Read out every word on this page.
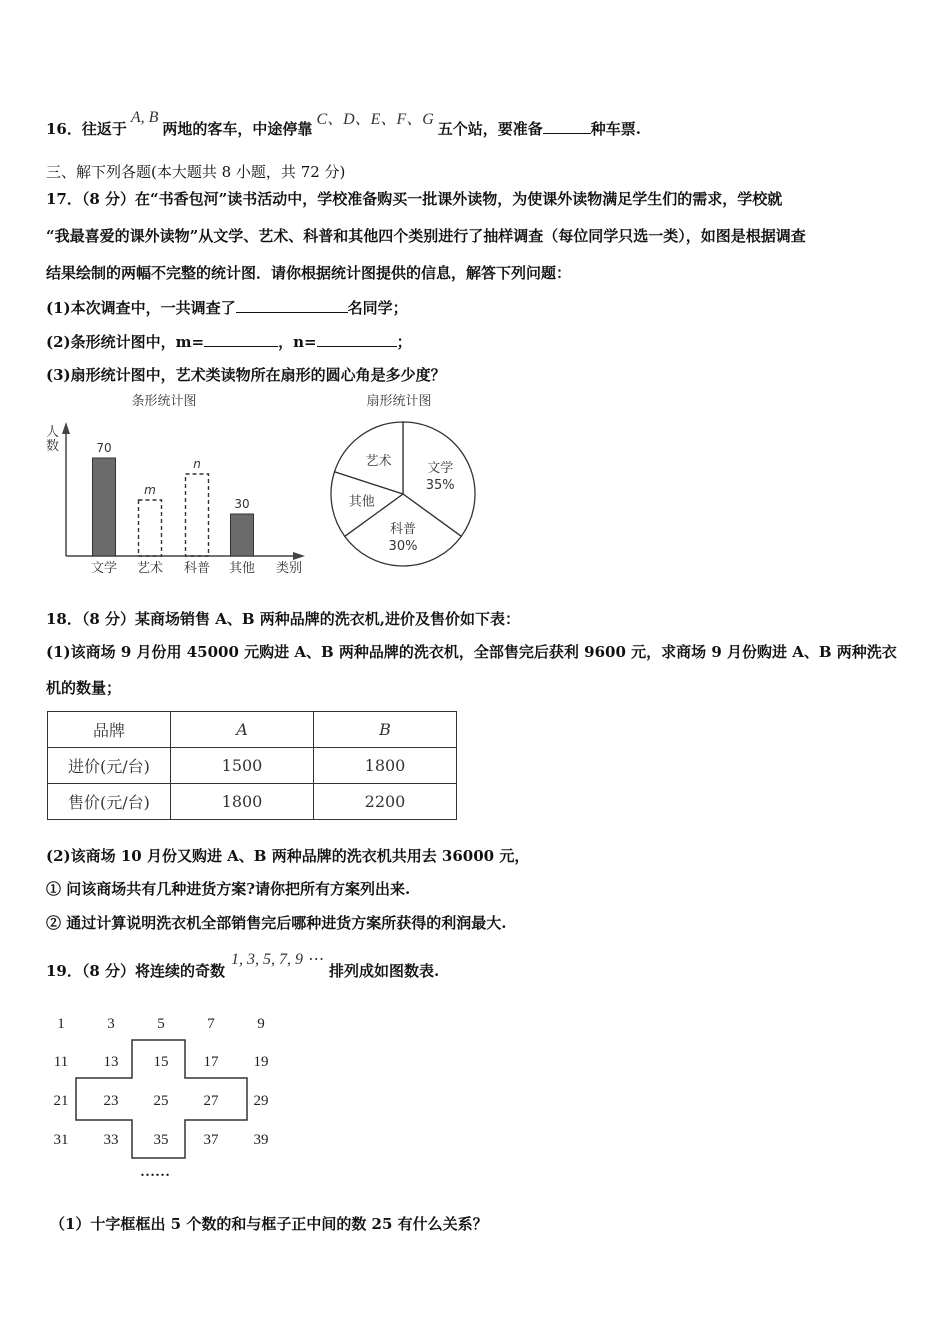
16．往返于A, B两地的客车，中途停靠C、D、E、F、G五个站，要准备	种车票.
三、解下列各题(本大题共 8 小题，共 72 分)
17．（8 分）在“书香包河”读书活动中，学校准备购买一批课外读物，为使课外读物满足学生们的需求，学校就
“我最喜爱的课外读物”从文学、艺术、科普和其他四个类别进行了抽样调查（每位同学只选一类），如图是根据调查
结果绘制的两幅不完整的统计图．请你根据统计图提供的信息，解答下列问题：
(1)本次调查中，一共调查了	名同学；
(2)条形统计图中，m=	，n=	；
(3)扇形统计图中，艺术类读物所在扇形的圆心角是多少度？
条形统计图
人
数
类别
70
文学
m
艺术
n
科普
30
其他
扇形统计图
文学
35%
科普
30%
其他
艺术
18．（8 分）某商场销售 A、B 两种品牌的洗衣机,进价及售价如下表：
(1)该商场 9 月份用 45000 元购进 A、B 两种品牌的洗衣机，全部售完后获利 9600 元，求商场 9 月份购进 A、B 两种洗衣
机的数量；
品牌	A	B
进价(元/台)	1500	1800
售价(元/台)	1800	2200
(2)该商场 10 月份又购进 A、B 两种品牌的洗衣机共用去 36000 元，
① 问该商场共有几种进货方案?请你把所有方案列出来.
② 通过计算说明洗衣机全部销售完后哪种进货方案所获得的利润最大.
19．（8 分）将连续的奇数1, 3, 5, 7, 9 ⋯排列成如图数表.
1	3	5	7	9
11 13 15 17 19
21 23 25 27 29
31 33 35 37 39
……
（1）十字框框出 5 个数的和与框子正中间的数 25 有什么关系？
